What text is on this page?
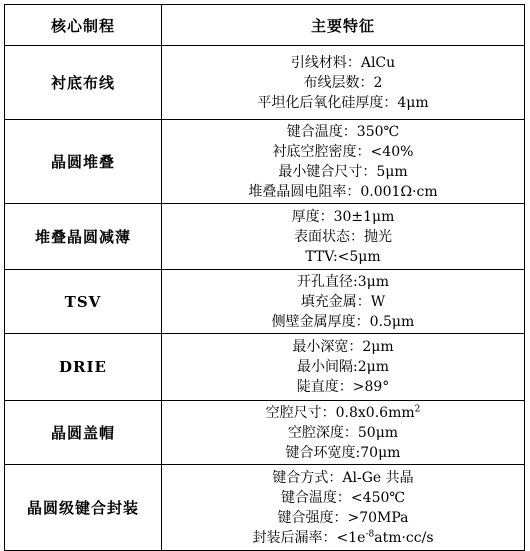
核心制程	主要特征
衬底布线	引线材料：AlCu
布线层数：2
平坦化后氧化硅厚度：4μm

晶圆堆叠	键合温度：350℃
衬底空腔密度：<40%
最小键合尺寸：5μm
堆叠晶圆电阻率：0.001Ω·cm

堆叠晶圆减薄	厚度：30±1μm
表面状态：抛光
TTV:<5μm

TSV	开孔直径:3μm
填充金属：W
侧壁金属厚度：0.5μm

DRIE	最小深宽：2μm
最小间隔:2μm
陡直度：>89°

晶圆盖帽	空腔尺寸：$0.8x0.6mm^2$
空腔深度：50μm
键合环宽度:70μm

晶圆级键合封装	键合方式：Al-Ge 共晶
键合温度：<450℃
键合强度：>70MPa
封装后漏率：$<1e^{-8}atm\cdot cc/s$
